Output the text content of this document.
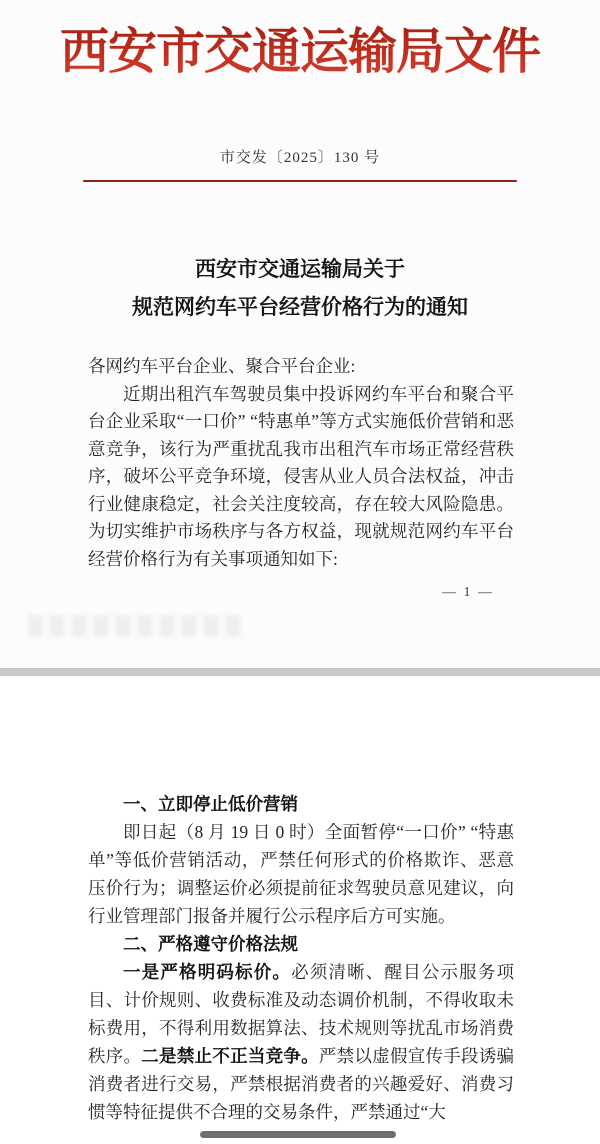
西安市交通运输局文件
市交发〔2025〕130 号
西安市交通运输局关于
规范网约车平台经营价格行为的通知

各网约车平台企业、聚合平台企业:

近期出租汽车驾驶员集中投诉网约车平台和聚合平台企业采取“一口价” “特惠单”等方式实施低价营销和恶意竞争，该行为严重扰乱我市出租汽车市场正常经营秩序，破坏公平竞争环境，侵害从业人员合法权益，冲击行业健康稳定，社会关注度较高，存在较大风险隐患。为切实维护市场秩序与各方权益，现就规范网约车平台经营价格行为有关事项通知如下:

— 1 —

一、立即停止低价营销

即日起（8 月 19 日 0 时）全面暂停“一口价” “特惠单”等低价营销活动，严禁任何形式的价格欺诈、恶意压价行为；调整运价必须提前征求驾驶员意见建议，向行业管理部门报备并履行公示程序后方可实施。

二、严格遵守价格法规

一是严格明码标价。必须清晰、醒目公示服务项目、计价规则、收费标准及动态调价机制，不得收取未标费用，不得利用数据算法、技术规则等扰乱市场消费秩序。二是禁止不正当竞争。严禁以虚假宣传手段诱骗消费者进行交易，严禁根据消费者的兴趣爱好、消费习惯等特征提供不合理的交易条件，严禁通过“大
